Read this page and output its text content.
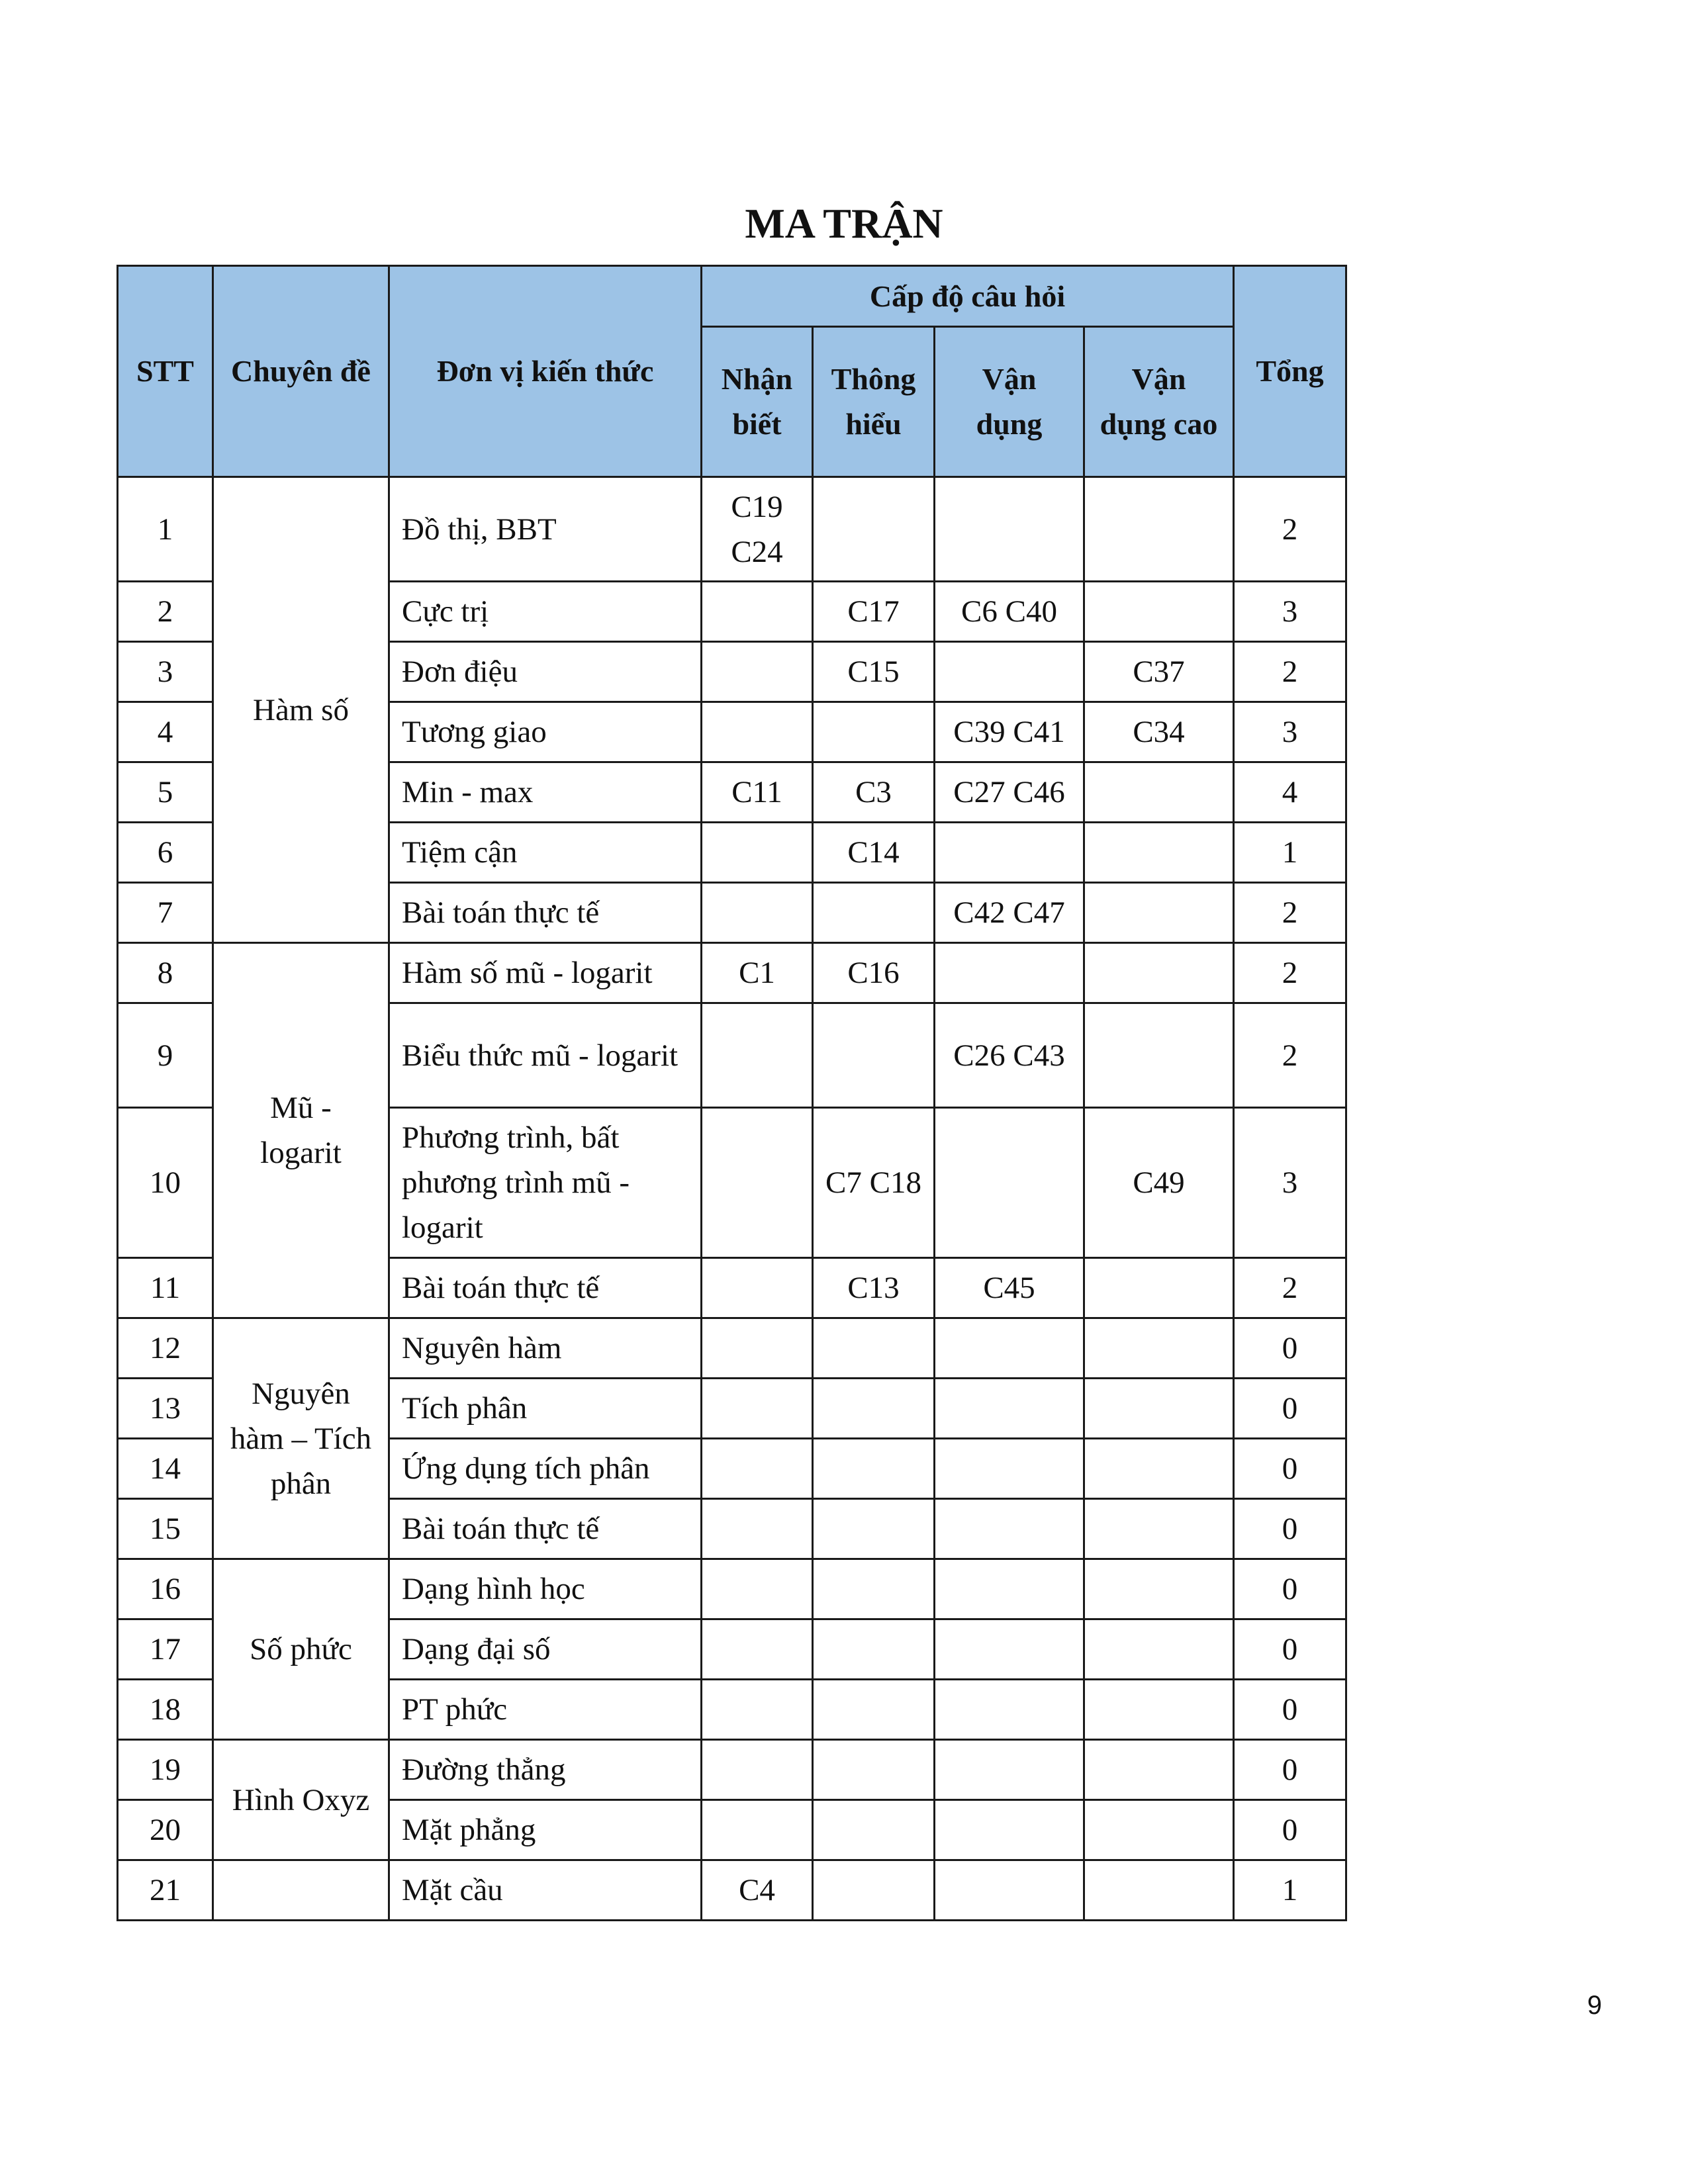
MA TRẬN
STT	Chuyên đề	Đơn vị kiến thức	Cấp độ câu hỏi				Tổng
			Nhận biết	Thông hiểu	Vận dụng	Vận dụng cao	
1	Hàm số	Đồ thị, BBT	C19 C24				2
2		Cực trị		C17	C6 C40		3
3		Đơn điệu		C15		C37	2
4		Tương giao			C39 C41	C34	3
5		Min - max	C11	C3	C27 C46		4
6		Tiệm cận		C14			1
7		Bài toán thực tế			C42 C47		2
8	Mũ - logarit	Hàm số mũ - logarit	C1	C16			2
9		Biểu thức mũ - logarit			C26 C43		2
10		Phương trình, bất phương trình mũ - logarit		C7 C18		C49	3
11		Bài toán thực tế		C13	C45		2
12	Nguyên hàm – Tích phân	Nguyên hàm					0
13		Tích phân					0
14		Ứng dụng tích phân					0
15		Bài toán thực tế					0
16	Số phức	Dạng hình học					0
17		Dạng đại số					0
18		PT phức					0
19	Hình Oxyz	Đường thẳng					0
20		Mặt phẳng					0
21		Mặt cầu	C4				1
9
